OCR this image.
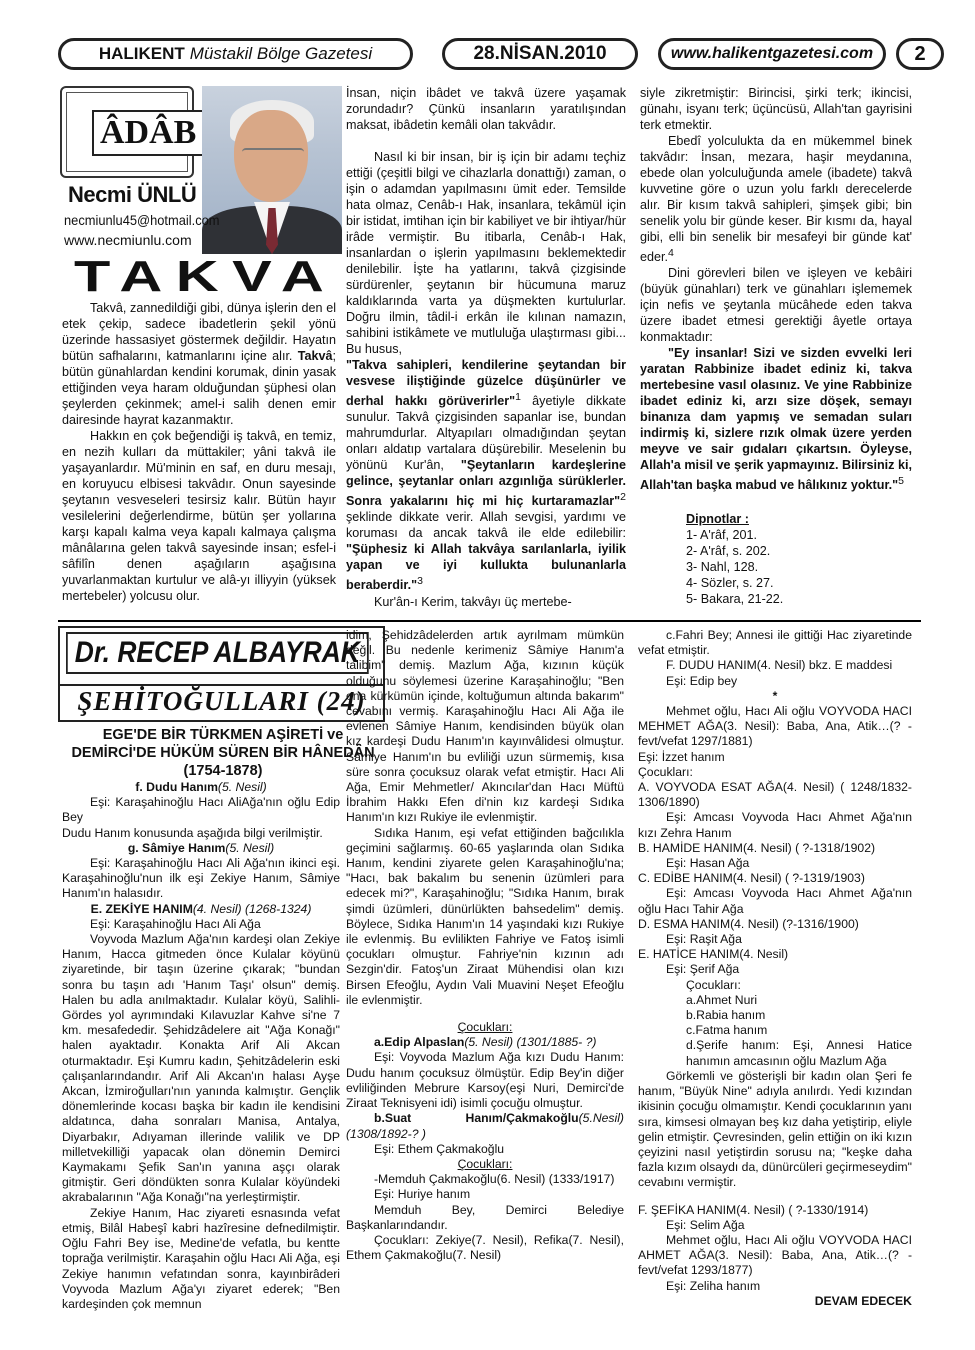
HALIKENT Müstakil Bölge Gazetesi	28.NİSAN.2010	www.halikentgazetesi.com	2
ÂDÂB
Necmi ÜNLÜ
necmiunlu45@hotmail.com
www.necmiunlu.com
TAKVA

Takvâ, zannedildiği gibi, dünya işlerin den el etek çekip, sadece ibadetlerin şekil yönü üzerinde hassasiyet göstermek değildir. Hayatın bütün safhalarını, katmanlarını içine alır. Takvâ; bütün günahlardan kendini korumak, dinin yasak ettiğinden veya haram olduğundan şüphesi olan şeylerden çekinmek; amel-i salih denen emir dairesinde hayrat kazanmaktır.

Hakkın en çok beğendiği iş takvâ, en temiz, en nezih kulları da müttakiler; yâni takvâ ile yaşayanlardır. Mü'minin en saf, en duru mesajı, en koruyucu elbisesi takvâdır. Onun sayesinde şeytanın vesveseleri tesirsiz kalır. Bütün hayır vesilelerini değerlendirme, bütün şer yollarına karşı kapalı kalma veya kapalı kalmaya çalışma mânâlarına gelen takvâ sayesinde insan; esfel-i sâfilîn denen aşağıların aşağısına yuvarlanmaktan kurtulur ve alâ-yı illiyyin (yüksek mertebeler) yolcusu olur.

İnsan, niçin ibâdet ve takvâ üzere yaşamak zorundadır? Çünkü insanların yaratılışından maksat, ibâdetin kemâli olan takvâdır.

Nasıl ki bir insan, bir iş için bir adamı teçhiz ettiği (çeşitli bilgi ve cihazlarla donattığı) zaman, o işin o adamdan yapılmasını ümit eder. Temsilde hata olmaz, Cenâb-ı Hak, insanlara, tekâmül için bir istidat, imtihan için bir kabiliyet ve bir ihtiyar/hür irâde vermiştir. Bu itibarla, Cenâb-ı Hak, insanlardan o işlerin yapılmasını beklemektedir denilebilir. İşte ha yatlarını, takvâ çizgisinde sürdürenler, şeytanın bir hücumuna maruz kaldıklarında varta ya düşmekten kurtulurlar. Doğru ilmin, tâdil-i erkân ile kılınan namazın, sahibini istikâmete ve mutluluğa ulaştırması gibi... Bu husus,

"Takva sahipleri, kendilerine şeytandan bir vesvese iliştiğinde güzelce düşünürler ve derhal hakkı görüverirler"$^1$ âyetiyle dikkate sunulur. Takvâ çizgisinden sapanlar ise, bundan mahrumdurlar. Altyapıları olmadığından şeytan onları aldatıp vartalara düşürebilir. Meselenin bu yönünü Kur'ân, "Şeytanların kardeşlerine gelince, şeytanlar onları azgınlığa sürüklerler. Sonra yakalarını hiç mi hiç kurtaramazlar"$^2$ şeklinde dikkate verir. Allah sevgisi, yardımı ve koruması da ancak takvâ ile elde edilebilir: "Şüphesiz ki Allah takvâya sarılanlarla, iyilik yapan ve iyi kullukta bulunanlarla beraberdir."$^3$

Kur'ân-ı Kerim, takvâyı üç mertebe-

siyle zikretmiştir: Birincisi, şirki terk; ikincisi, günahı, isyanı terk; üçüncüsü, Allah'tan gayrisini terk etmektir.

Ebedî yolculukta da en mükemmel binek takvâdır: İnsan, mezara, haşir meydanına, ebede olan yolculuğunda amele (ibadete) takvâ kuvvetine göre o uzun yolu farklı derecelerde alır. Bir kısım takvâ sahipleri, şimşek gibi; bin senelik yolu bir günde keser. Bir kısmı da, hayal gibi, elli bin senelik bir mesafeyi bir günde kat' eder.$^4$

Dini görevleri bilen ve işleyen ve kebâiri (büyük günahları) terk ve günahları işlememek için nefis ve şeytanla mücâhede eden takva üzere ibadet etmesi gerektiği âyetle ortaya konmaktadır:

"Ey insanlar! Sizi ve sizden evvelki leri yaratan Rabbinize ibadet ediniz ki, takva mertebesine vasıl olasınız. Ve yine Rabbinize ibadet ediniz ki, arzı size döşek, semayı binanıza dam yapmış ve semadan suları indirmiş ki, sizlere rızık olmak üzere yerden meyve ve sair gıdaları çıkartsın. Öyleyse, Allah'a misil ve şerik yapmayınız. Bilirsiniz ki, Allah'tan başka mabud ve hâlıkınız yoktur."$^5$

Dipnotlar :
1- A'râf, 201.
2- A'râf, s. 202.
3- Nahl, 128.
4- Sözler, s. 27.
5- Bakara, 21-22.
Dr. RECEP ALBAYRAK
ŞEHİTOĞULLARI (24)
EGE'DE BİR TÜRKMEN AŞİRETİ ve DEMİRCİ'DE HÜKÜM SÜREN BİR HÂNEDÂN (1754-1878)

f. Dudu Hanım(5. Nesil)

Eşi: Karaşahinoğlu Hacı AliAğa'nın oğlu Edip Bey

Dudu Hanım konusunda aşağıda bilgi verilmiştir.

g. Sâmiye Hanım(5. Nesil)

Eşi: Karaşahinoğlu Hacı Ali Ağa'nın ikinci eşi. Karaşahinoğlu'nun ilk eşi Zekiye Hanım, Sâmiye Hanım'ın halasıdır.

E. ZEKİYE HANIM(4. Nesil) (1268-1324)

Eşi: Karaşahinoğlu Hacı Ali Ağa

Voyvoda Mazlum Ağa'nın kardeşi olan Zekiye Hanım, Hacca gitmeden önce Kulalar köyünü ziyaretinde, bir taşın üzerine çıkarak; "bundan sonra bu taşın adı 'Hanım Taşı' olsun" demiş. Halen bu adla anılmaktadır. Kulalar köyü, Salihli-Gördes yol ayrımındaki Kılavuzlar Kahve si'ne 7 km. mesafededir. Şehidzâdelere ait "Ağa Konağı" halen ayaktadır. Konakta Arif Ali Akcan oturmaktadır. Eşi Kumru kadın, Şehitzâdelerin eski çalışanlarındandır. Arif Ali Akcan'ın halası Ayşe Akcan, İzmiroğulları'nın yanında kalmıştır. Gençlik dönemlerinde kocası başka bir kadın ile kendisini aldatınca, daha sonraları Manisa, Antalya, Diyarbakır, Adıyaman illerinde valilik ve DP milletvekilliği yapacak olan dönemin Demirci Kaymakamı Şefik San'ın yanına aşçı olarak gitmiştir. Geri döndükten sonra Kulalar köyündeki akrabalarının "Ağa Konağı"na yerleştirmiştir.

Zekiye Hanım, Hac ziyareti esnasında vefat etmiş, Bilâl Habeşî kabri hazîresine defnedilmiştir. Oğlu Fahri Bey ise, Medine'de vefatla, bu kentte toprağa verilmiştir. Karaşahin oğlu Hacı Ali Ağa, eşi Zekiye hanımın vefatından sonra, kayınbirâderi Voyvoda Mazlum Ağa'yı ziyaret ederek; "Ben kardeşinden çok memnun

idim, Şehidzâdelerden artık ayrılmam mümkün değil. Bu nedenle kerimeniz Sâmiye Hanım'a talibim" demiş. Mazlum Ağa, kızının küçük olduğunu söylemesi üzerine Karaşahinoğlu; "Ben ona kürkümün içinde, koltuğumun altında bakarım" cevabını vermiş. Karaşahinoğlu Hacı Ali Ağa ile evlenen Sâmiye Hanım, kendisinden büyük olan kız kardeşi Dudu Hanım'ın kayınvâlidesi olmuştur. Sâmiye Hanım'ın bu evliliği uzun sürmemiş, kısa süre sonra çocuksuz olarak vefat etmiştir. Hacı Ali Ağa, Emir Mehmetler/ Akıncılar'dan Hacı Müftü İbrahim Hakkı Efen di'nin kız kardeşi Sıdıka Hanım'ın kızı Rukiye ile evlenmiştir.

Sıdıka Hanım, eşi vefat ettiğinden bağcılıkla geçimini sağlarmış. 60-65 yaşlarında olan Sıdıka Hanım, kendini ziyarete gelen Karaşahinoğlu'na; "Hacı, bak bakalım bu senenin üzümleri para edecek mi?", Karaşahinoğlu; "Sıdıka Hanım, bırak şimdi üzümleri, dünürlükten bahsedelim" demiş. Böylece, Sıdıka Hanım'ın 14 yaşındaki kızı Rukiye ile evlenmiş. Bu evlilikten Fahriye ve Fatoş isimli çocukları olmuştur. Fahriye'nin kızının adı Sezgin'dir. Fatoş'un Ziraat Mühendisi olan kızı Birsen Efeoğlu, Aydın Vali Muavini Neşet Efeoğlu ile evlenmiştir.

Çocukları:

a.Edip Alpaslan(5. Nesil) (1301/1885- ?)

Eşi: Voyvoda Mazlum Ağa kızı Dudu Hanım: Dudu hanım çocuksuz ölmüştür. Edip Bey'in diğer evliliğinden Mebrure Karsoy(eşi Nuri, Demirci'de Ziraat Teknisyeni idi) isimli çocuğu olmuştur.

b.Suat Hanım/Çakmakoğlu(5.Nesil) (1308/1892-? )

Eşi: Ethem Çakmakoğlu

Çocukları:

-Memduh Çakmakoğlu(6. Nesil) (1333/1917)

Eşi: Huriye hanım

Memduh Bey, Demirci Belediye Başkanlarındandır.

Çocukları: Zekiye(7. Nesil), Refika(7. Nesil), Ethem Çakmakoğlu(7. Nesil)

c.Fahri Bey; Annesi ile gittiği Hac ziyaretinde vefat etmiştir.

F. DUDU HANIM(4. Nesil) bkz. E maddesi

Eşi: Edip bey

*

Mehmet oğlu, Hacı Ali oğlu VOYVODA HACI MEHMET AĞA(3. Nesil): Baba, Ana, Atik…(? - fevt/vefat 1297/1881)

Eşi: İzzet hanım

Çocukları:

A. VOYVODA ESAT AĞA(4. Nesil) ( 1248/1832-1306/1890)

Eşi: Amcası Voyvoda Hacı Ahmet Ağa'nın kızı Zehra Hanım

B. HAMİDE HANIM(4. Nesil) ( ?-1318/1902)

Eşi: Hasan Ağa

C. EDİBE HANIM(4. Nesil) ( ?-1319/1903)

Eşi: Amcası Voyvoda Hacı Ahmet Ağa'nın oğlu Hacı Tahir Ağa

D. ESMA HANIM(4. Nesil) (?-1316/1900)

Eşi: Raşit Ağa

E. HATİCE HANIM(4. Nesil)

Eşi: Şerif Ağa

Çocukları:

a.Ahmet Nuri

b.Rabia hanım

c.Fatma hanım

d.Şerife hanım: Eşi, Annesi Hatice hanımın amcasının oğlu Mazlum Ağa

Görkemli ve gösterişli bir kadın olan Şeri fe hanım, "Büyük Nine" adıyla anılırdı. Yedi kızından ikisinin çocuğu olmamıştır. Kendi çocuklarının yanı sıra, kimsesi olmayan beş kız daha yetiştirip, eliyle gelin etmiştir. Çevresinden, gelin ettiğin on iki kızın çeyizini nasıl yetiştirdin sorusu na; "keşke daha fazla kızım olsaydı da, dünürcüleri geçirmeseydim" cevabını vermiştir.

F. ŞEFİKA HANIM(4. Nesil) ( ?-1330/1914)

Eşi: Selim Ağa

Mehmet oğlu, Hacı Ali oğlu VOYVODA HACI AHMET AĞA(3. Nesil): Baba, Ana, Atik…(? - fevt/vefat 1293/1877)

Eşi: Zeliha hanım

DEVAM EDECEK
